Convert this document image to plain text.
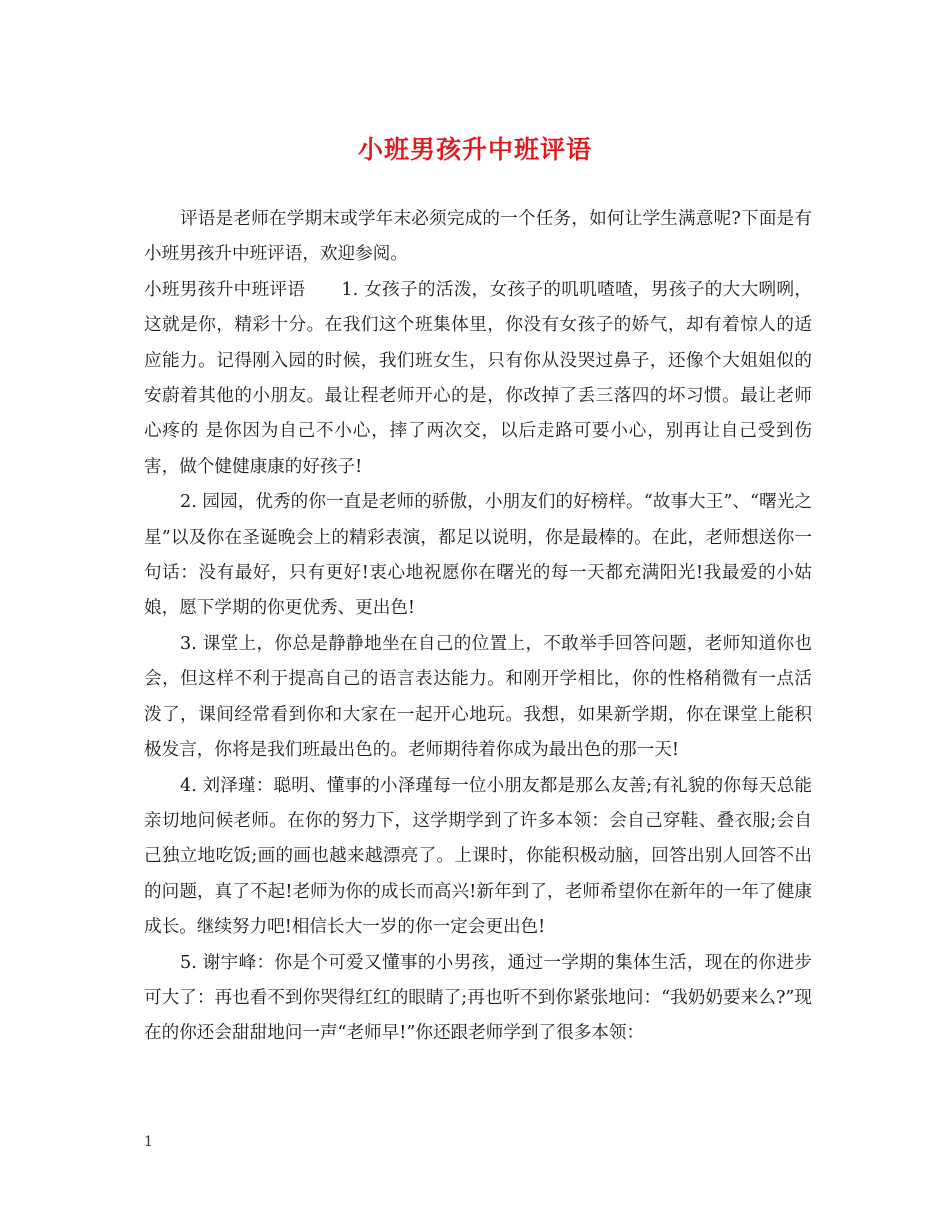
小班男孩升中班评语

评语是老师在学期末或学年末必须完成的一个任务，如何让学生满意呢?下面是有小班男孩升中班评语，欢迎参阅。

小班男孩升中班评语 1. 女孩子的活泼，女孩子的叽叽喳喳，男孩子的大大咧咧，这就是你，精彩十分。在我们这个班集体里，你没有女孩子的娇气，却有着惊人的适应能力。记得刚入园的时候，我们班女生，只有你从没哭过鼻子，还像个大姐姐似的安蔚着其他的小朋友。最让程老师开心的是，你改掉了丢三落四的坏习惯。最让老师心疼的 是你因为自己不小心，摔了两次交，以后走路可要小心，别再让自己受到伤害，做个健健康康的好孩子!

2. 园园，优秀的你一直是老师的骄傲，小朋友们的好榜样。“故事大王”、“曙光之星”以及你在圣诞晚会上的精彩表演，都足以说明，你是最棒的。在此，老师想送你一句话：没有最好，只有更好!衷心地祝愿你在曙光的每一天都充满阳光!我最爱的小姑娘，愿下学期的你更优秀、更出色!

3. 课堂上，你总是静静地坐在自己的位置上，不敢举手回答问题，老师知道你也会，但这样不利于提高自己的语言表达能力。和刚开学相比，你的性格稍微有一点活泼了，课间经常看到你和大家在一起开心地玩。我想，如果新学期，你在课堂上能积极发言，你将是我们班最出色的。老师期待着你成为最出色的那一天!

4. 刘泽瑾：聪明、懂事的小泽瑾每一位小朋友都是那么友善;有礼貌的你每天总能亲切地问候老师。在你的努力下，这学期学到了许多本领：会自己穿鞋、叠衣服;会自己独立地吃饭;画的画也越来越漂亮了。上课时，你能积极动脑，回答出别人回答不出的问题，真了不起!老师为你的成长而高兴!新年到了，老师希望你在新年的一年了健康成长。继续努力吧!相信长大一岁的你一定会更出色!

5. 谢宇峰：你是个可爱又懂事的小男孩，通过一学期的集体生活，现在的你进步可大了：再也看不到你哭得红红的眼睛了;再也听不到你紧张地问：“我奶奶要来么?”现在的你还会甜甜地问一声“老师早!”你还跟老师学到了很多本领：

1
